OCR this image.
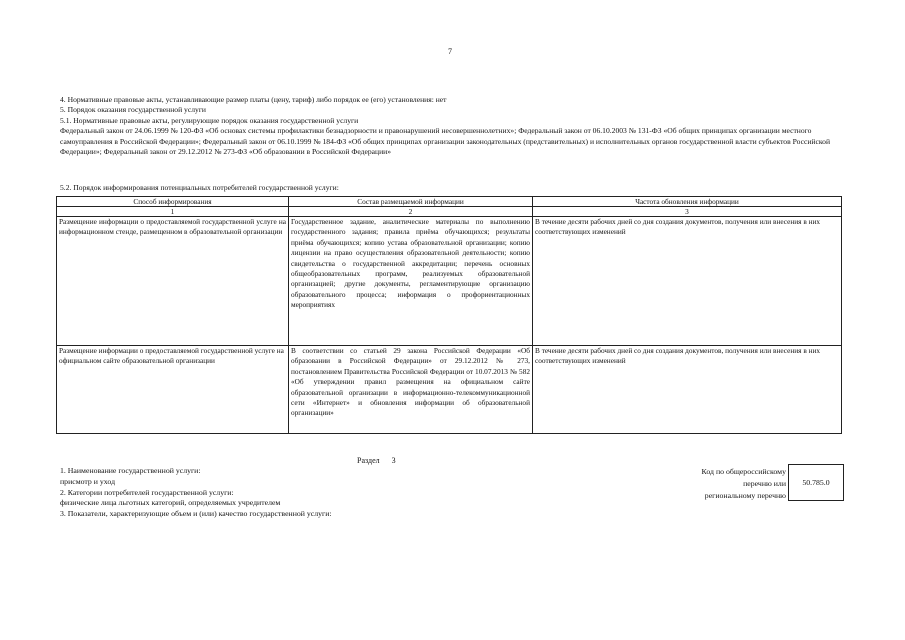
7

4. Нормативные правовые акты, устанавливающие размер платы (цену, тариф) либо порядок ее (его) установления: нет

5. Порядок оказания государственной услуги

5.1. Нормативные правовые акты, регулирующие порядок оказания государственной услуги

Федеральный закон от 24.06.1999 № 120-ФЗ «Об основах системы профилактики безнадзорности и правонарушений несовершеннолетних»; Федеральный закон от 06.10.2003 № 131-ФЗ «Об общих принципах организации местного самоуправления в Российской Федерации»; Федеральный закон от 06.10.1999 № 184-ФЗ «Об общих принципах организации законодательных (представительных) и исполнительных органов государственной власти субъектов Российской Федерации»; Федеральный закон от 29.12.2012 № 273-ФЗ «Об образовании в Российской Федерации»

5.2. Порядок информирования потенциальных потребителей государственной услуги:
Способ информирования	Состав размещаемой информации	Частота обновления информации
1	2	3
Размещение информации о предоставляемой государственной услуге на информационном стенде, размещенном в образовательной организации	Государственное задание, аналитические материалы по выполнению государственного задания; правила приёма обучающихся; результаты приёма обучающихся; копию устава образовательной организации; копию лицензии на право осуществления образовательной деятельности; копию свидетельства о государственной аккредитации; перечень основных общеобразовательных программ, реализуемых образовательной организацией; другие документы, регламентирующие организацию образовательного процесса; информация о профориентационных мероприятиях	В течение десяти рабочих дней со дня создания документов, получения или внесения в них соответствующих изменений
Размещение информации о предоставляемой государственной услуге на официальном сайте образовательной организации	В соответствии со статьей 29 закона Российской Федерации «Об образовании в Российской Федерации» от 29.12.2012 № 273, постановлением Правительства Российской Федерации от 10.07.2013 № 582 «Об утверждении правил размещения на официальном сайте образовательной организации в информационно-телекоммуникационной сети «Интернет» и обновления информации об образовательной организации»	В течение десяти рабочих дней со дня создания документов, получения или внесения в них соответствующих изменений
Раздел 3

1. Наименование государственной услуги:

присмотр и уход

2. Категории потребителей государственной услуги:

физические лица льготных категорий, определяемых учредителем

3. Показатели, характеризующие объем и (или) качество государственной услуги:

Код по общероссийскому

перечню или

региональному перечню

50.785.0
